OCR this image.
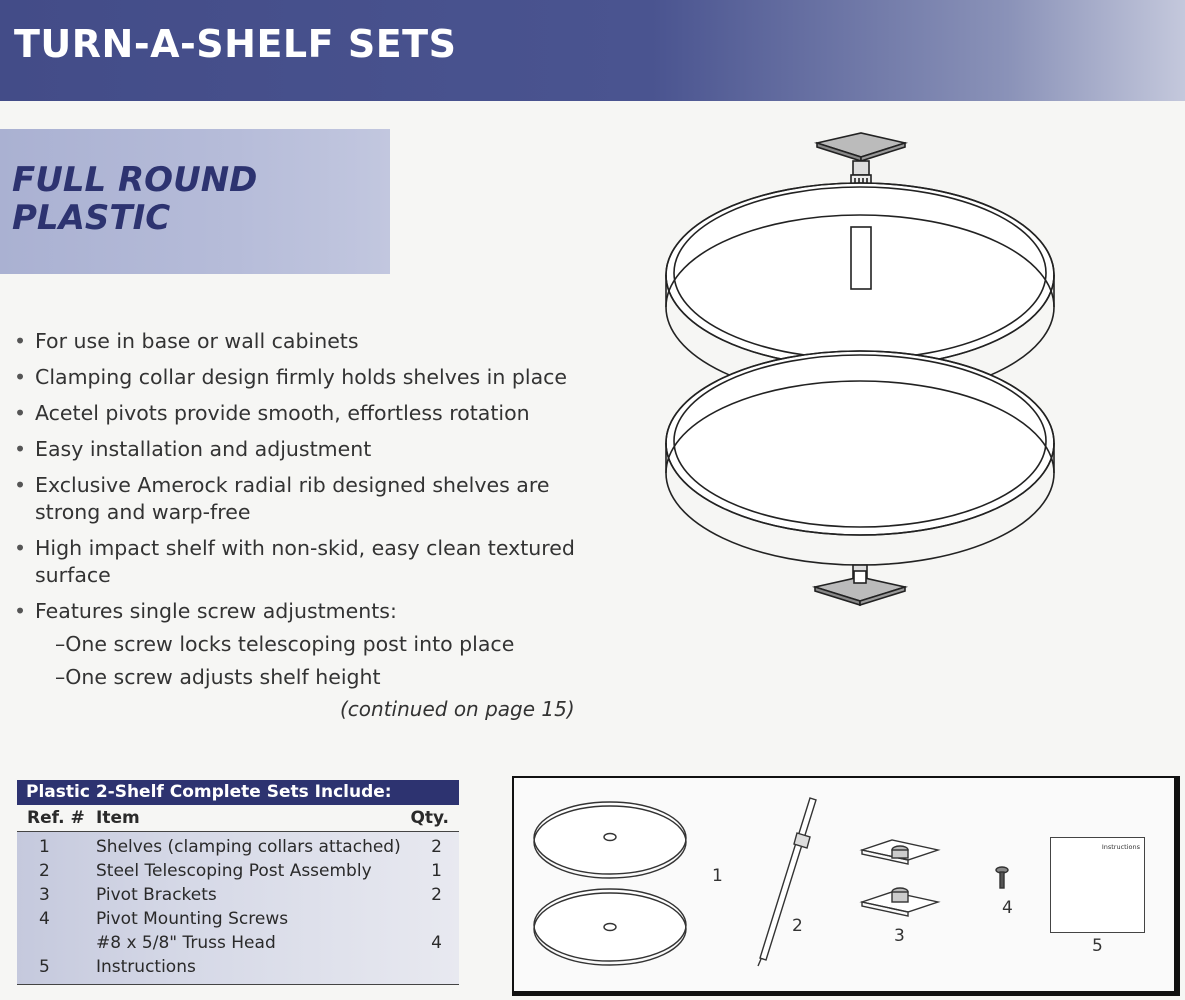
TURN-A-SHELF SETS
FULL ROUND
PLASTIC
• For use in base or wall cabinets
• Clamping collar design firmly holds shelves in place
• Acetel pivots provide smooth, effortless rotation
• Easy installation and adjustment
• Exclusive Amerock radial rib designed shelves are strong and warp-free
• High impact shelf with non-skid, easy clean textured surface
• Features single screw adjustments:
–One screw locks telescoping post into place
–One screw adjusts shelf height
(continued on page 15)
Plastic 2-Shelf Complete Sets Include:
Ref. # Item	Qty.
1	Shelves (clamping collars attached) 2
2	Steel Telescoping Post Assembly	1
3	Pivot Brackets	2
4	Pivot Mounting Screws
#8 x 5/8" Truss Head	4
5	Instructions
1
2	3
4
Instructions
5
